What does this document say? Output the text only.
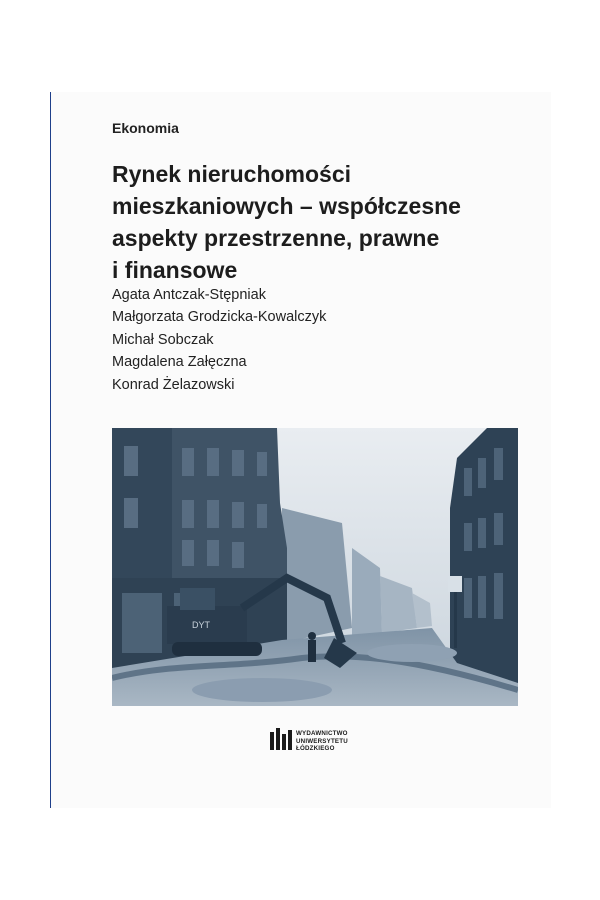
Ekonomia
Rynek nieruchomości
mieszkaniowych – współczesne
aspekty przestrzenne, prawne
i finansowe
Agata Antczak-Stępniak
Małgorzata Grodzicka-Kowalczyk
Michał Sobczak
Magdalena Załęczna
Konrad Żelazowski
DYT
WYDAWNICTWO
UNIWERSYTETU
ŁÓDZKIEGO
